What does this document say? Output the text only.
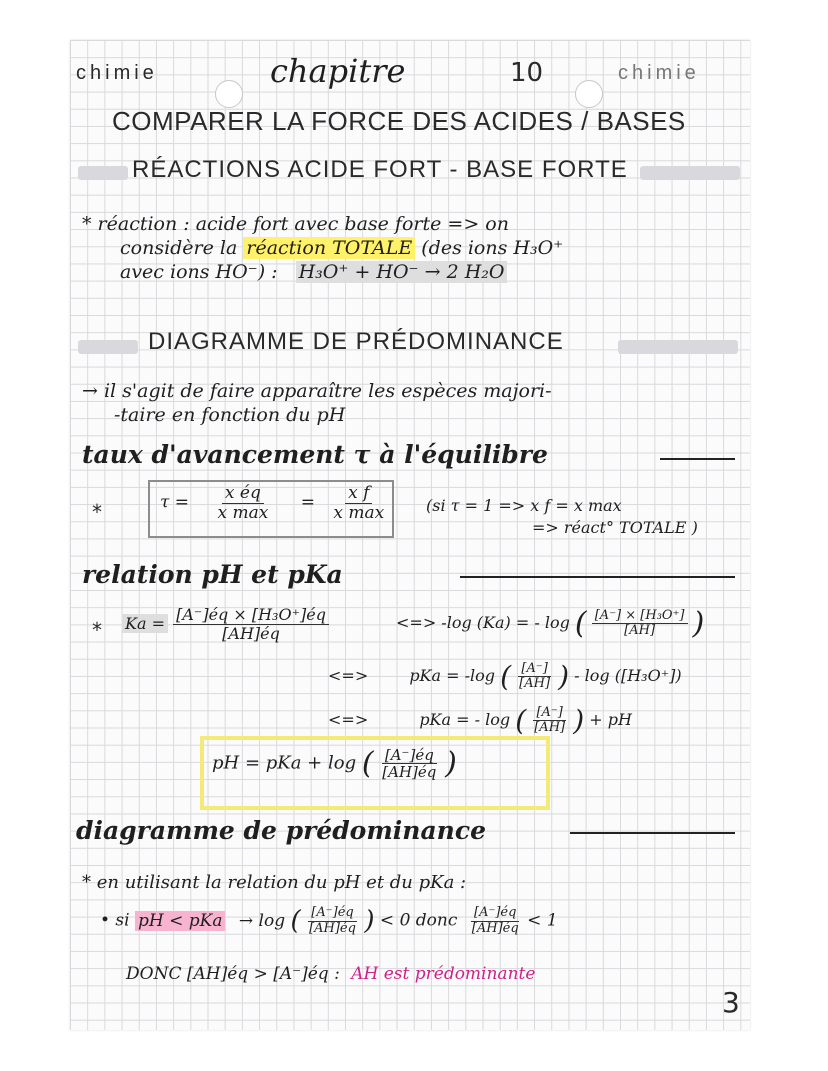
chimie	chapitre	10	chimie
COMPARER LA FORCE DES ACIDES / BASES
RÉACTIONS ACIDE FORT - BASE FORTE
* réaction : acide fort avec base forte => on
considère la réaction TOTALE (des ions H₃O⁺
avec ions HO⁻) : H₃O⁺ + HO⁻ → 2 H₂O
DIAGRAMME DE PRÉDOMINANCE
→ il s'agit de faire apparaître les espèces majori-
-taire en fonction du pH
taux d'avancement τ à l'équilibre
*	$\tau = \frac{\text{x éq}}{\text{x max}} = \frac{\text{x f}}{\text{x max}} (si$ τ = 1 => x f = x max
=> réact° TOTALE )
relation pH et pKa
* $Ka = \frac{\text{[A⁻]éq × [H₃O⁺]éq}}{[AH]éq}$	<=> -log (Ka) = - log ( $\frac{\text{[A⁻] × [H₃O⁺]}}{[AH]}$ )
<=>	pKa = -log ( $\frac{[A^-]}{[AH]}$ ) - log ([H₃O⁺])
<=>	pKa = - log ( $\frac{[A^-]}{[AH]}$ ) + pH
pH = pKa + log ( $\frac{[A^-]éq}{[AH]éq}$ )
diagramme de prédominance
* en utilisant la relation du pH et du pKa :
• si pH < pKa → log ( $\frac{[A^-]éq}{[AH]éq}$ ) < 0 donc $\frac{[A^-]éq}{[AH]éq} < 1$
DONC [AH]éq > [A⁻]éq : AH est prédominante
3
